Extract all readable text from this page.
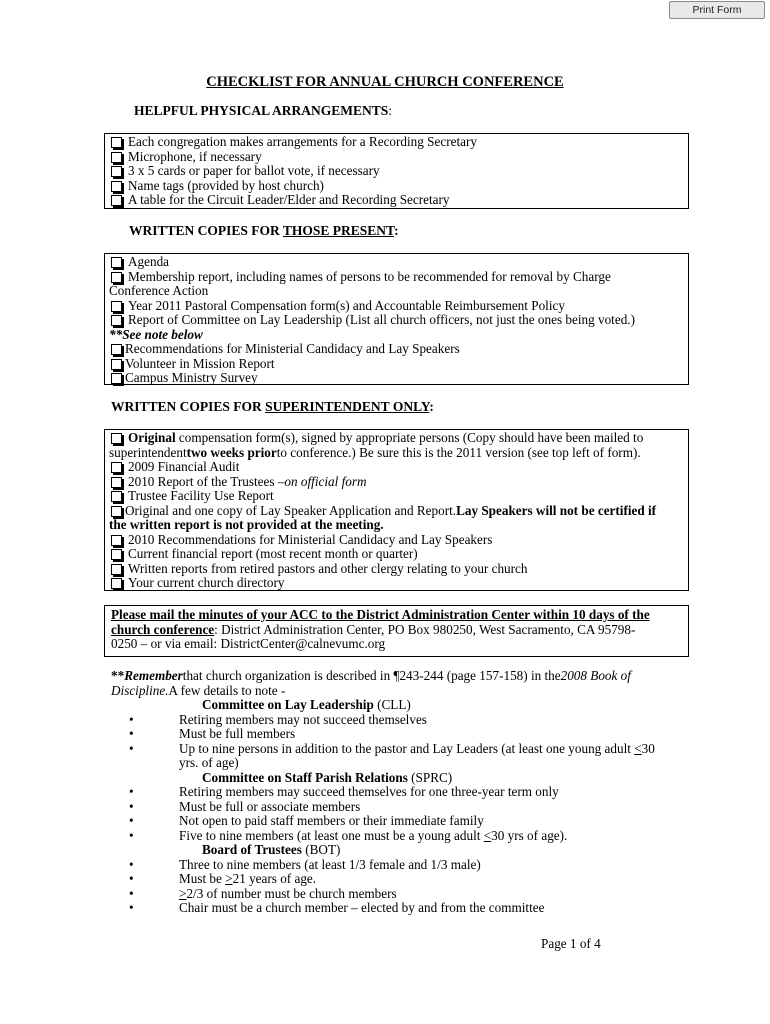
Print Form
CHECKLIST FOR ANNUAL CHURCH CONFERENCE
HELPFUL PHYSICAL ARRANGEMENTS:
Each congregation makes arrangements for a Recording Secretary
Microphone, if necessary
3 x 5 cards or paper for ballot vote, if necessary
Name tags (provided by host church)
A table for the Circuit Leader/Elder and Recording Secretary
WRITTEN COPIES FOR THOSE PRESENT:
Agenda
Membership report, including names of persons to be recommended for removal by Charge
Conference Action
Year 2011 Pastoral Compensation form(s) and Accountable Reimbursement Policy
Report of Committee on Lay Leadership (List all church officers, not just the ones being voted.)
**See note below
Recommendations for Ministerial Candidacy and Lay Speakers
Volunteer in Mission Report
Campus Ministry Survey
WRITTEN COPIES FOR SUPERINTENDENT ONLY:
Original compensation form(s), signed by appropriate persons (Copy should have been mailed to
superintendent two weeks prior to conference.) Be sure this is the 2011 version (see top left of form).
2009 Financial Audit
2010 Report of the Trustees – on official form
Trustee Facility Use Report
Original and one copy of Lay Speaker Application and Report. Lay Speakers will not be certified if
the written report is not provided at the meeting.
2010 Recommendations for Ministerial Candidacy and Lay Speakers
Current financial report (most recent month or quarter)
Written reports from retired pastors and other clergy relating to your church
Your current church directory
Please mail the minutes of your ACC to the District Administration Center within 10 days of the
church conference : District Administration Center, PO Box 980250, West Sacramento, CA 95798-
0250 – or via email: DistrictCenter@calnevumc.org
** Remember that church organization is described in ¶243-244 (page 157-158) in the 2008 Book of
Discipline. A few details to note -
Committee on Lay Leadership (CLL)
•	Retiring members may not succeed themselves
•	Must be full members
•	Up to nine persons in addition to the pastor and Lay Leaders (at least one young adult <30
yrs. of age)
Committee on Staff Parish Relations (SPRC)
•	Retiring members may succeed themselves for one three-year term only
•	Must be full or associate members
•	Not open to paid staff members or their immediate family
•	Five to nine members (at least one must be a young adult <30 yrs of age).
Board of Trustees (BOT)
•	Three to nine members (at least 1/3 female and 1/3 male)
•	Must be >21 years of age.
•	>2/3 of number must be church members
•	Chair must be a church member – elected by and from the committee
Page 1 of 4
